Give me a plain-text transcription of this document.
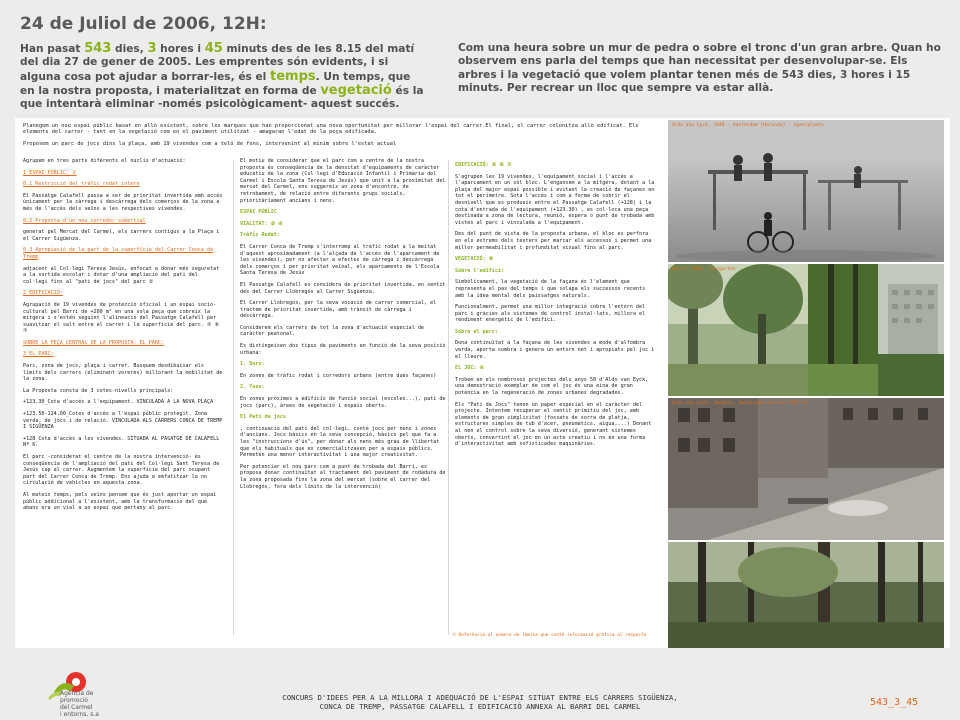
24 de Juliol de 2006, 12H:
Han pasat 543 dies, 3 hores i 45 minuts des de les 8.15 del matí del dia 27 de gener de 2005. Les emprentes són evidents, i si alguna cosa pot ajudar a borrar-les, és el temps. Un temps, que en la nostra proposta, i materialitzat en forma de vegetació és la que intentarà eliminar -només psicològicament- aquest succés.
Com una heura sobre un mur de pedra o sobre el tronc d'un gran arbre. Quan ho observem ens parla del temps que han necessitat per desenvolupar-se. Els arbres i la vegetació que volem plantar tenen més de 543 dies, 3 hores i 15 minuts. Per recrear un lloc que sempre va estar allà.

Planegem un nou espai públic basat en allò existent, sobre les marques que han proporcionat una nova oportunitat per millorar l'espai del carrer.El final, el carrer colonitza allò edificat. Els elements del carrer - tant en la vegetació com en el paviment utilitzat - amagaran l'edat de la peça edificada.

Proposem un parc de jocs dins la plaça, amb 19 vivendes com a teló de fons, intervenint al mínim sobre l'estat actual

Agrupem en tres parts diferents el nuclis d'actuació:

1_ESPAI PÚBLIC: ②

0.1 Restricció del tràfic rodat intern

El Passatge Calafell passa a ser de prioritat invertida amb accés únicament per la càrrega i descàrrega dels comerços de la zona a més de l'accés dels veïns a les respectives vivendes.

0.2 Proposta d'un nou corredor comercial

generat pel Mercat del Carmel, els carrers contigus a la Plaça i el Carrer Sigüenza.

0.3 Apropiació de la part de la superfície del Carrer Conca de Tremp

adjacent al Col·legi Teresa Jesús, enfocat a donar més seguretat a la sortida escolar i dotar d'una ampliació del pati del col·legi fins al "pati de jocs" del parc ②

2_EDIFICACIÓ:

Agrupació de 19 vivendes de protecció oficial i un espai socio-cultural pel Barri de +200 m² en una sola peça que cobreix la mitgera i s'estén seguint l'alineació del Passatge Calafell per suavitzar el salt entre el carrer i la superfície del parc. ⑤ ⑥ ⑦

SOBRE LA PEÇA CENTRAL DE LA PROPOSTA, EL PARC:

3_EL PARC:

Parc, zona de jocs, plaça i carrer. Busquem desdibuixar els límits dels carrers (eliminant voreres) millorant la mobilitat de la zona.

La Proposta consta de 3 cotes-nivells principals:

+123.30_Cota d'accés a l'equipament. VINCULADA A LA NOVA PLAÇA

+123.50-124.00_Cotes d'accés a l'espai públic protegit. Zona verda, de jocs i de relació. VINCULADA ALS CARRERS CONCA DE TREMP I SIGÜENZA

+128_Cota d'accés a les vivendes. SITUADA AL PASATGE DE CALAFELL Nº 6.

El parc -considerat el centre de la nostra intervenció- és conseqüència de l'ampliació del pati del Col·legi Sant Teresa de Jesús cap al carrer. Augmentem la superfície del parc ocupant part del Carrer Conca de Tremp. Ens ajuda a emfatitzar la no circulació de vehicles en aquesta zona.

Al mateix temps, pels veïns pensem que és just aportar un espai públic addicional a l'existent, amb la transformació del què abans era un vial a un espai que pertany al parc.

El motiu de considerar que el parc com a centre de la nostra proposta és conseqüència de la densitat d'equipaments de caràcter educatiu de la zona (Col·legi d'Educació Infantil i Primària del Carmel i Escola Santa Teresa de Jesús) que unit a la proximitat del mercat del Carmel, ens suggereix un zona d'encontre, de retrobament, de relació entre diferents grups socials, prioritàriament ancians i nens.

ESPAI PÚBLIC

VIALITAT: ③ ④

Tràfic Rodat:

El Carrer Conca de Tremp s'interromp al tràfic rodat a la meitat d'aquest aproximadament (a l'alçada de l'accés de l'aparcament de les vivendes), per no afectar a efectes de càrrega i descàrrega dels comerços i per prioritat veïnal, els aparcaments de l'Escola Santa Teresa de Jesús

El Passatge Calafell es considera de prioritat invertida, en sentit des del Carrer Llobregós al Carrer Sigüenza.

El Carrer Llobregós, per la seva vocació de carrer comercial, el tractem de prioritat invertida, amb trànsit de càrrega i descàrrega.

Considerem els carrers de tot la zona d'actuació especial de caràcter peatonal.

Es distingeixen dos tipus de paviments en funció de la seva posició urbana:

1. Durs:

En zones de tràfic rodat i corredors urbans (entre dues façanes)

2. Tous:

En zones pròximes a edificis de funció social (escoles...), pati de jocs (parc), àrees de vegetació i espais oberts.

El Pati de jocs

, continuació del pati del col·legi, conté jocs per nens i zones d'ancians. Jocs bàsics en la seva concepció, bàsics pel que fa a les "instruccions d'ús", per donar als nens més grau de llibertat que els habituals que es comercialitzaven per a espais públics. Permetén una menor interactivitat i una major creativitat.

Per potenciar el nou parc com a punt de trobada del Barri, es proposa donar continuïtat al tractament del paviment de rodadura de la zona proposada fins la zona del mercat (sobre el carrer del Llobregós, fora dels límits de la intervenció)

EDIFICACIÓ: ⑤ ⑥ ⑦

S'agrupen les 19 vivendes, l'equipament social i l'accés a l'aparcament en un sòl bloc. L'enganxem a la mitgera, dotant a la plaça del major espai possible i evitant la creació de façanes en tot el perímetre. Sota l'accés i com a forma de cobrir el desnivell que es produeix entre el Passatge Calafell (+128) i la cota d'entrada de l'equipament (+123.30) , es col·loca una peça destinada a zona de lectura, reunió, espera o punt de trobada amb vistes al parc i vinculada a l'equipament.

Des del punt de vista de la proposta urbana, el bloc es perfora en els extrems dels testers per marcar els accessos i permet una millor permeabilitat i profunditat visual fins al parc.

VEGETACIÓ: ⑧

Sobre l'edifici:

Simbòlicament, la vegetació de la façana és l'element que representa el pas del temps i que solapa els successos recents amb la idea mental dels paissatges naturals.

Funcionalment, permet una millor integració sobre l'entorn del parc i gràcies als sistemes de control instal·lats, millora el rendiment energètic de l'edifici.

Sobre el parc:

Dona continuïtat a la façana de les vivendes a mode d'alfombra verda, aporta sombra i genera un entorn net i apropiats pel joc i el lleure.

EL JOC: ④

Trobem en els nombrosos projectes dels anys 50 d'Aldo van Eyck, una demostració exemplar de com el joc és una eina de gran potència en la regeneració de zones urbanes degradades.

Els "Pati de Jocs" tenen un paper especial en el caràcter del projecte. Intentem recuperar el sentit primitiu del joc, amb elements de gran simplicitat (fossats de sorra de platja, estructures simples de tub d'acer, pneumàtics, aigua,...) Donant al nen el control sobre la seva diversió, generant sistemes oberts, convertint el joc en un acte creatiu i no en una forma d'interactivitat amb sofisticades maquinàries.

① Referència al número de làmina que conté informació gràfica al respecte
Aldo Van Eyck, 1948 - Amsterdam (Holanda) - Speelplaats
Berlin 2006, Tiergarten
Aldo Van Eyck. Zeedijk, Amsterdam-centrum 1955-56
Agència de
promoció
del Carmel
i entorns, s.a
CONCURS D'IDEES PER A LA MILLORA I ADEQUACIÓ DE L'ESPAI SITUAT ENTRE ELS CARRERS SIGÜENZA,
CONCA DE TREMP, PASSATGE CALAFELL I EDIFICACIÓ ANNEXA AL BARRI DEL CARMEL	543_3_45
